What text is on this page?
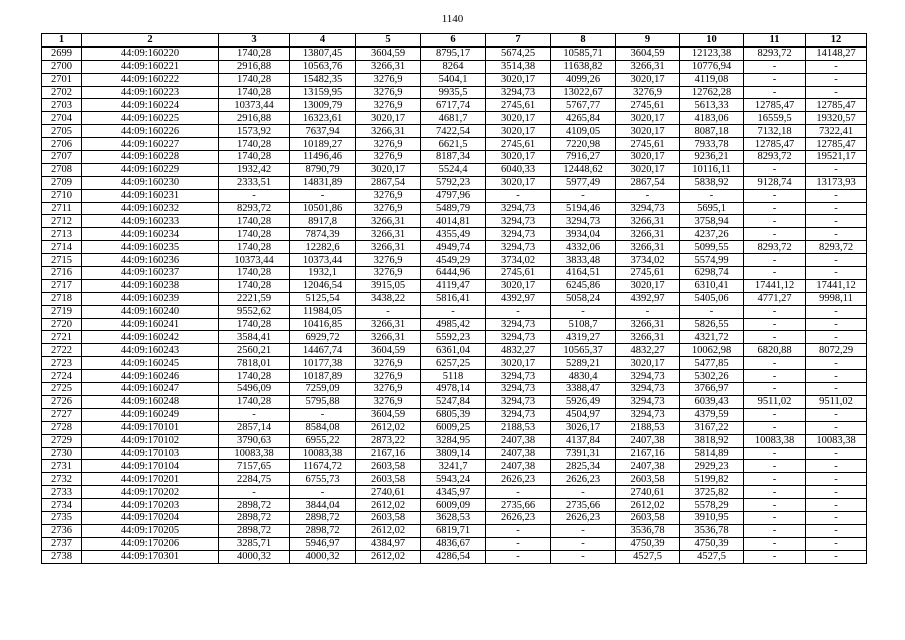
1140
1	2	3	4	5	6	7	8	9	10	11	12
2699	44:09:160220	1740,28	13807,45	3604,59	8795,17	5674,25	10585,71	3604,59	12123,38	8293,72	14148,27
2700	44:09:160221	2916,88	10563,76	3266,31	8264	3514,38	11638,82	3266,31	10776,94	-	-
2701	44:09:160222	1740,28	15482,35	3276,9	5404,1	3020,17	4099,26	3020,17	4119,08	-	-
2702	44:09:160223	1740,28	13159,95	3276,9	9935,5	3294,73	13022,67	3276,9	12762,28	-	-
2703	44:09:160224	10373,44	13009,79	3276,9	6717,74	2745,61	5767,77	2745,61	5613,33	12785,47	12785,47
2704	44:09:160225	2916,88	16323,61	3020,17	4681,7	3020,17	4265,84	3020,17	4183,06	16559,5	19320,57
2705	44:09:160226	1573,92	7637,94	3266,31	7422,54	3020,17	4109,05	3020,17	8087,18	7132,18	7322,41
2706	44:09:160227	1740,28	10189,27	3276,9	6621,5	2745,61	7220,98	2745,61	7933,78	12785,47	12785,47
2707	44:09:160228	1740,28	11496,46	3276,9	8187,34	3020,17	7916,27	3020,17	9236,21	8293,72	19521,17
2708	44:09:160229	1932,42	8790,79	3020,17	5524,4	6040,33	12448,62	3020,17	10116,11	-	-
2709	44:09:160230	2333,51	14831,89	2867,54	5792,23	3020,17	5977,49	2867,54	5838,92	9128,74	13173,93
2710	44:09:160231	-	-	3276,9	4797,96	-	-	-	-	-	-
2711	44:09:160232	8293,72	10501,86	3276,9	5489,79	3294,73	5194,46	3294,73	5695,1	-	-
2712	44:09:160233	1740,28	8917,8	3266,31	4014,81	3294,73	3294,73	3266,31	3758,94	-	-
2713	44:09:160234	1740,28	7874,39	3266,31	4355,49	3294,73	3934,04	3266,31	4237,26	-	-
2714	44:09:160235	1740,28	12282,6	3266,31	4949,74	3294,73	4332,06	3266,31	5099,55	8293,72	8293,72
2715	44:09:160236	10373,44	10373,44	3276,9	4549,29	3734,02	3833,48	3734,02	5574,99	-	-
2716	44:09:160237	1740,28	1932,1	3276,9	6444,96	2745,61	4164,51	2745,61	6298,74	-	-
2717	44:09:160238	1740,28	12046,54	3915,05	4119,47	3020,17	6245,86	3020,17	6310,41	17441,12	17441,12
2718	44:09:160239	2221,59	5125,54	3438,22	5816,41	4392,97	5058,24	4392,97	5405,06	4771,27	9998,11
2719	44:09:160240	9552,62	11984,05	-	-	-	-	-	-	-	-
2720	44:09:160241	1740,28	10416,85	3266,31	4985,42	3294,73	5108,7	3266,31	5826,55	-	-
2721	44:09:160242	3584,41	6929,72	3266,31	5592,23	3294,73	4319,27	3266,31	4321,72	-	-
2722	44:09:160243	2560,21	14467,74	3604,59	6361,04	4832,27	10565,37	4832,27	10062,98	6820,88	8072,29
2723	44:09:160245	7818,01	10177,38	3276,9	6257,25	3020,17	5289,21	3020,17	5477,85	-	-
2724	44:09:160246	1740,28	10187,89	3276,9	5118	3294,73	4830,4	3294,73	5302,26	-	-
2725	44:09:160247	5496,09	7259,09	3276,9	4978,14	3294,73	3388,47	3294,73	3766,97	-	-
2726	44:09:160248	1740,28	5795,88	3276,9	5247,84	3294,73	5926,49	3294,73	6039,43	9511,02	9511,02
2727	44:09:160249	-	-	3604,59	6805,39	3294,73	4504,97	3294,73	4379,59	-	-
2728	44:09:170101	2857,14	8584,08	2612,02	6009,25	2188,53	3026,17	2188,53	3167,22	-	-
2729	44:09:170102	3790,63	6955,22	2873,22	3284,95	2407,38	4137,84	2407,38	3818,92	10083,38	10083,38
2730	44:09:170103	10083,38	10083,38	2167,16	3809,14	2407,38	7391,31	2167,16	5814,89	-	-
2731	44:09:170104	7157,65	11674,72	2603,58	3241,7	2407,38	2825,34	2407,38	2929,23	-	-
2732	44:09:170201	2284,75	6755,73	2603,58	5943,24	2626,23	2626,23	2603,58	5199,82	-	-
2733	44:09:170202	-	-	2740,61	4345,97	-	-	2740,61	3725,82	-	-
2734	44:09:170203	2898,72	3844,04	2612,02	6009,09	2735,66	2735,66	2612,02	5578,29	-	-
2735	44:09:170204	2898,72	2898,72	2603,58	3628,53	2626,23	2626,23	2603,58	3910,95	-	-
2736	44:09:170205	2898,72	2898,72	2612,02	6819,71	-	-	3536,78	3536,78	-	-
2737	44:09:170206	3285,71	5946,97	4384,97	4836,67	-	-	4750,39	4750,39	-	-
2738	44:09:170301	4000,32	4000,32	2612,02	4286,54	-	-	4527,5	4527,5	-	-
